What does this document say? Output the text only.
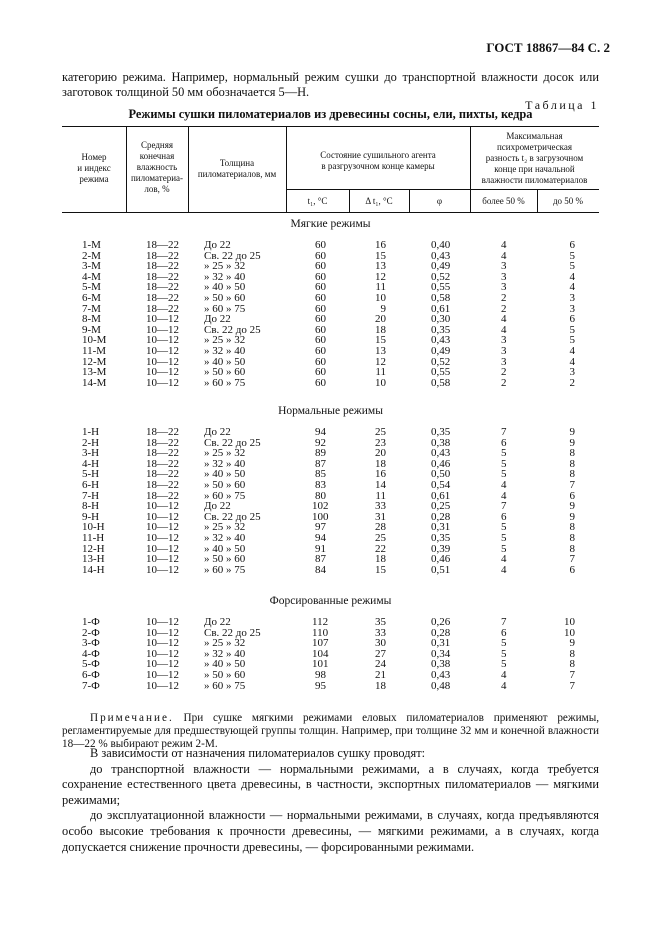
ГОСТ 18867—84 С. 2
категорию режима. Например, нормальный режим сушки до транспортной влажности досок или
заготовок толщиной 50 мм обозначается 5—Н.
Таблица 1
Режимы сушки пиломатериалов из древесины сосны, ели, пихты, кедра
Номер
и индекс
режима
Средняя
конечная
влажность
пиломатериа-
лов, %
Толщина
пиломатериалов, мм
Состояние сушильного агента
в разгрузочном конце камеры
Максимальная
психрометрическая
разность t₂ в загрузочном
конце при начальной
влажности пиломатериалов
t₁, °C	Δ t₁, °C	φ	более 50 %	до 50 %
Мягкие режимы
Нормальные режимы
Форсированные режимы
1-М	18—22 До 22	60	16	0,40	4	6
2-М	18—22 Св. 22 до 25	60	15	0,43	4	5
3-М	18—22 » 25 » 32	60	13	0,49	3	5
4-М	18—22 » 32 » 40	60	12	0,52	3	4
5-М	18—22 » 40 » 50	60	11	0,55	3	4
6-М	18—22 » 50 » 60	60	10	0,58	2	3
7-М	18—22 » 60 » 75	60	9	0,61	2	3
8-М	10—12 До 22	60	20	0,30	4	6
9-М	10—12 Св. 22 до 25	60	18	0,35	4	5
10-М	10—12 » 25 » 32	60	15	0,43	3	5
11-М	10—12 » 32 » 40	60	13	0,49	3	4
12-М	10—12 » 40 » 50	60	12	0,52	3	4
13-М	10—12 » 50 » 60	60	11	0,55	2	3
14-М	10—12 » 60 » 75	60	10	0,58	2	2
1-Н	18—22 До 22	94	25	0,35	7	9
2-Н	18—22 Св. 22 до 25	92	23	0,38	6	9
3-Н	18—22 » 25 » 32	89	20	0,43	5	8
4-Н	18—22 » 32 » 40	87	18	0,46	5	8
5-Н	18—22 » 40 » 50	85	16	0,50	5	8
6-Н	18—22 » 50 » 60	83	14	0,54	4	7
7-Н	18—22 » 60 » 75	80	11	0,61	4	6
8-Н	10—12 До 22	102	33	0,25	7	9
9-Н	10—12 Св. 22 до 25	100	31	0,28	6	9
10-Н	10—12 » 25 » 32	97	28	0,31	5	8
11-Н	10—12 » 32 » 40	94	25	0,35	5	8
12-Н	10—12 » 40 » 50	91	22	0,39	5	8
13-Н	10—12 » 50 » 60	87	18	0,46	4	7
14-Н	10—12 » 60 » 75	84	15	0,51	4	6
1-Ф	10—12 До 22	112	35	0,26	7	10
2-Ф	10—12 Св. 22 до 25	110	33	0,28	6	10
3-Ф	10—12 » 25 » 32	107	30	0,31	5	9
4-Ф	10—12 » 32 » 40	104	27	0,34	5	8
5-Ф	10—12 » 40 » 50	101	24	0,38	5	8
6-Ф	10—12 » 50 » 60	98	21	0,43	4	7
7-Ф	10—12 » 60 » 75	95	18	0,48	4	7
Примечание. При сушке мягкими режимами еловых пиломатериалов применяют режимы, регламентируемые для предшествующей группы толщин. Например, при толщине 32 мм и конечной влажности 18—22 % выбирают режим 2-М.

В зависимости от назначения пиломатериалов сушку проводят:

до транспортной влажности — нормальными режимами, а в случаях, когда требуется сохранение естественного цвета древесины, в частности, экспортных пиломатериалов — мягкими режимами;

до эксплуатационной влажности — нормальными режимами, в случаях, когда предъявляются особо высокие требования к прочности древесины, — мягкими режимами, а в случаях, когда допускается снижение прочности древесины, — форсированными режимами.
